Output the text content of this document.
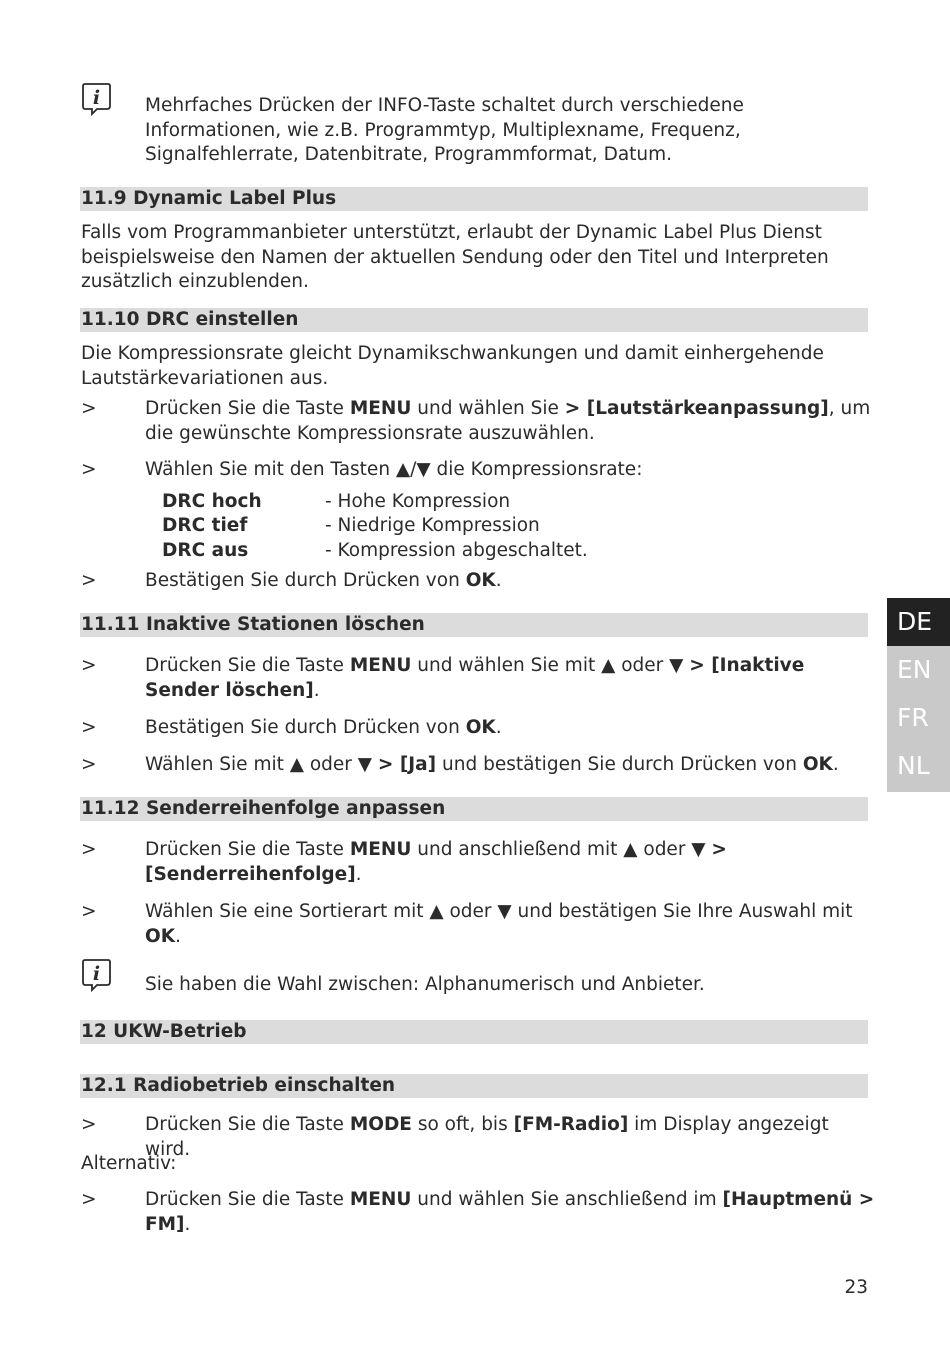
i Mehrfaches Drücken der INFO-Taste schaltet durch verschiedene Informationen, wie z.B. Programmtyp, Multiplexname, Frequenz, Signalfehlerrate, Datenbitrate, Programmformat, Datum.

11.9 Dynamic Label Plus

Falls vom Programmanbieter unterstützt, erlaubt der Dynamic Label Plus Dienst beispielsweise den Namen der aktuellen Sendung oder den Titel und Interpreten zusätzlich einzublenden.

11.10 DRC einstellen

Die Kompressionsrate gleicht Dynamikschwankungen und damit einhergehende Lautstärkevariationen aus.

>	Drücken Sie die Taste MENU und wählen Sie > [Lautstärkeanpassung], um die gewünschte Kompressionsrate auszuwählen.

>	Wählen Sie mit den Tasten ▲/▼ die Kompressionsrate:

DRC hoch	- Hohe Kompression
DRC tief	- Niedrige Kompression
DRC aus	- Kompression abgeschaltet.
>	Bestätigen Sie durch Drücken von OK.

11.11 Inaktive Stationen löschen
>	Drücken Sie die Taste MENU und wählen Sie mit ▲ oder ▼ > [Inaktive Sender löschen].

>	Bestätigen Sie durch Drücken von OK.

>	Wählen Sie mit ▲ oder ▼ > [Ja] und bestätigen Sie durch Drücken von OK.

11.12 Senderreihenfolge anpassen
>	Drücken Sie die Taste MENU und anschließend mit ▲ oder ▼ > [Senderreihenfolge].

>	Wählen Sie eine Sortierart mit ▲ oder ▼ und bestätigen Sie Ihre Auswahl mit OK.

i Sie haben die Wahl zwischen: Alphanumerisch und Anbieter.

12 UKW-Betrieb
12.1 Radiobetrieb einschalten
>	Drücken Sie die Taste MODE so oft, bis [FM-Radio] im Display angezeigt wird.

Alternativ:

>	Drücken Sie die Taste MENU und wählen Sie anschließend im [Hauptmenü > FM].

DE
EN
FR
NL
23
